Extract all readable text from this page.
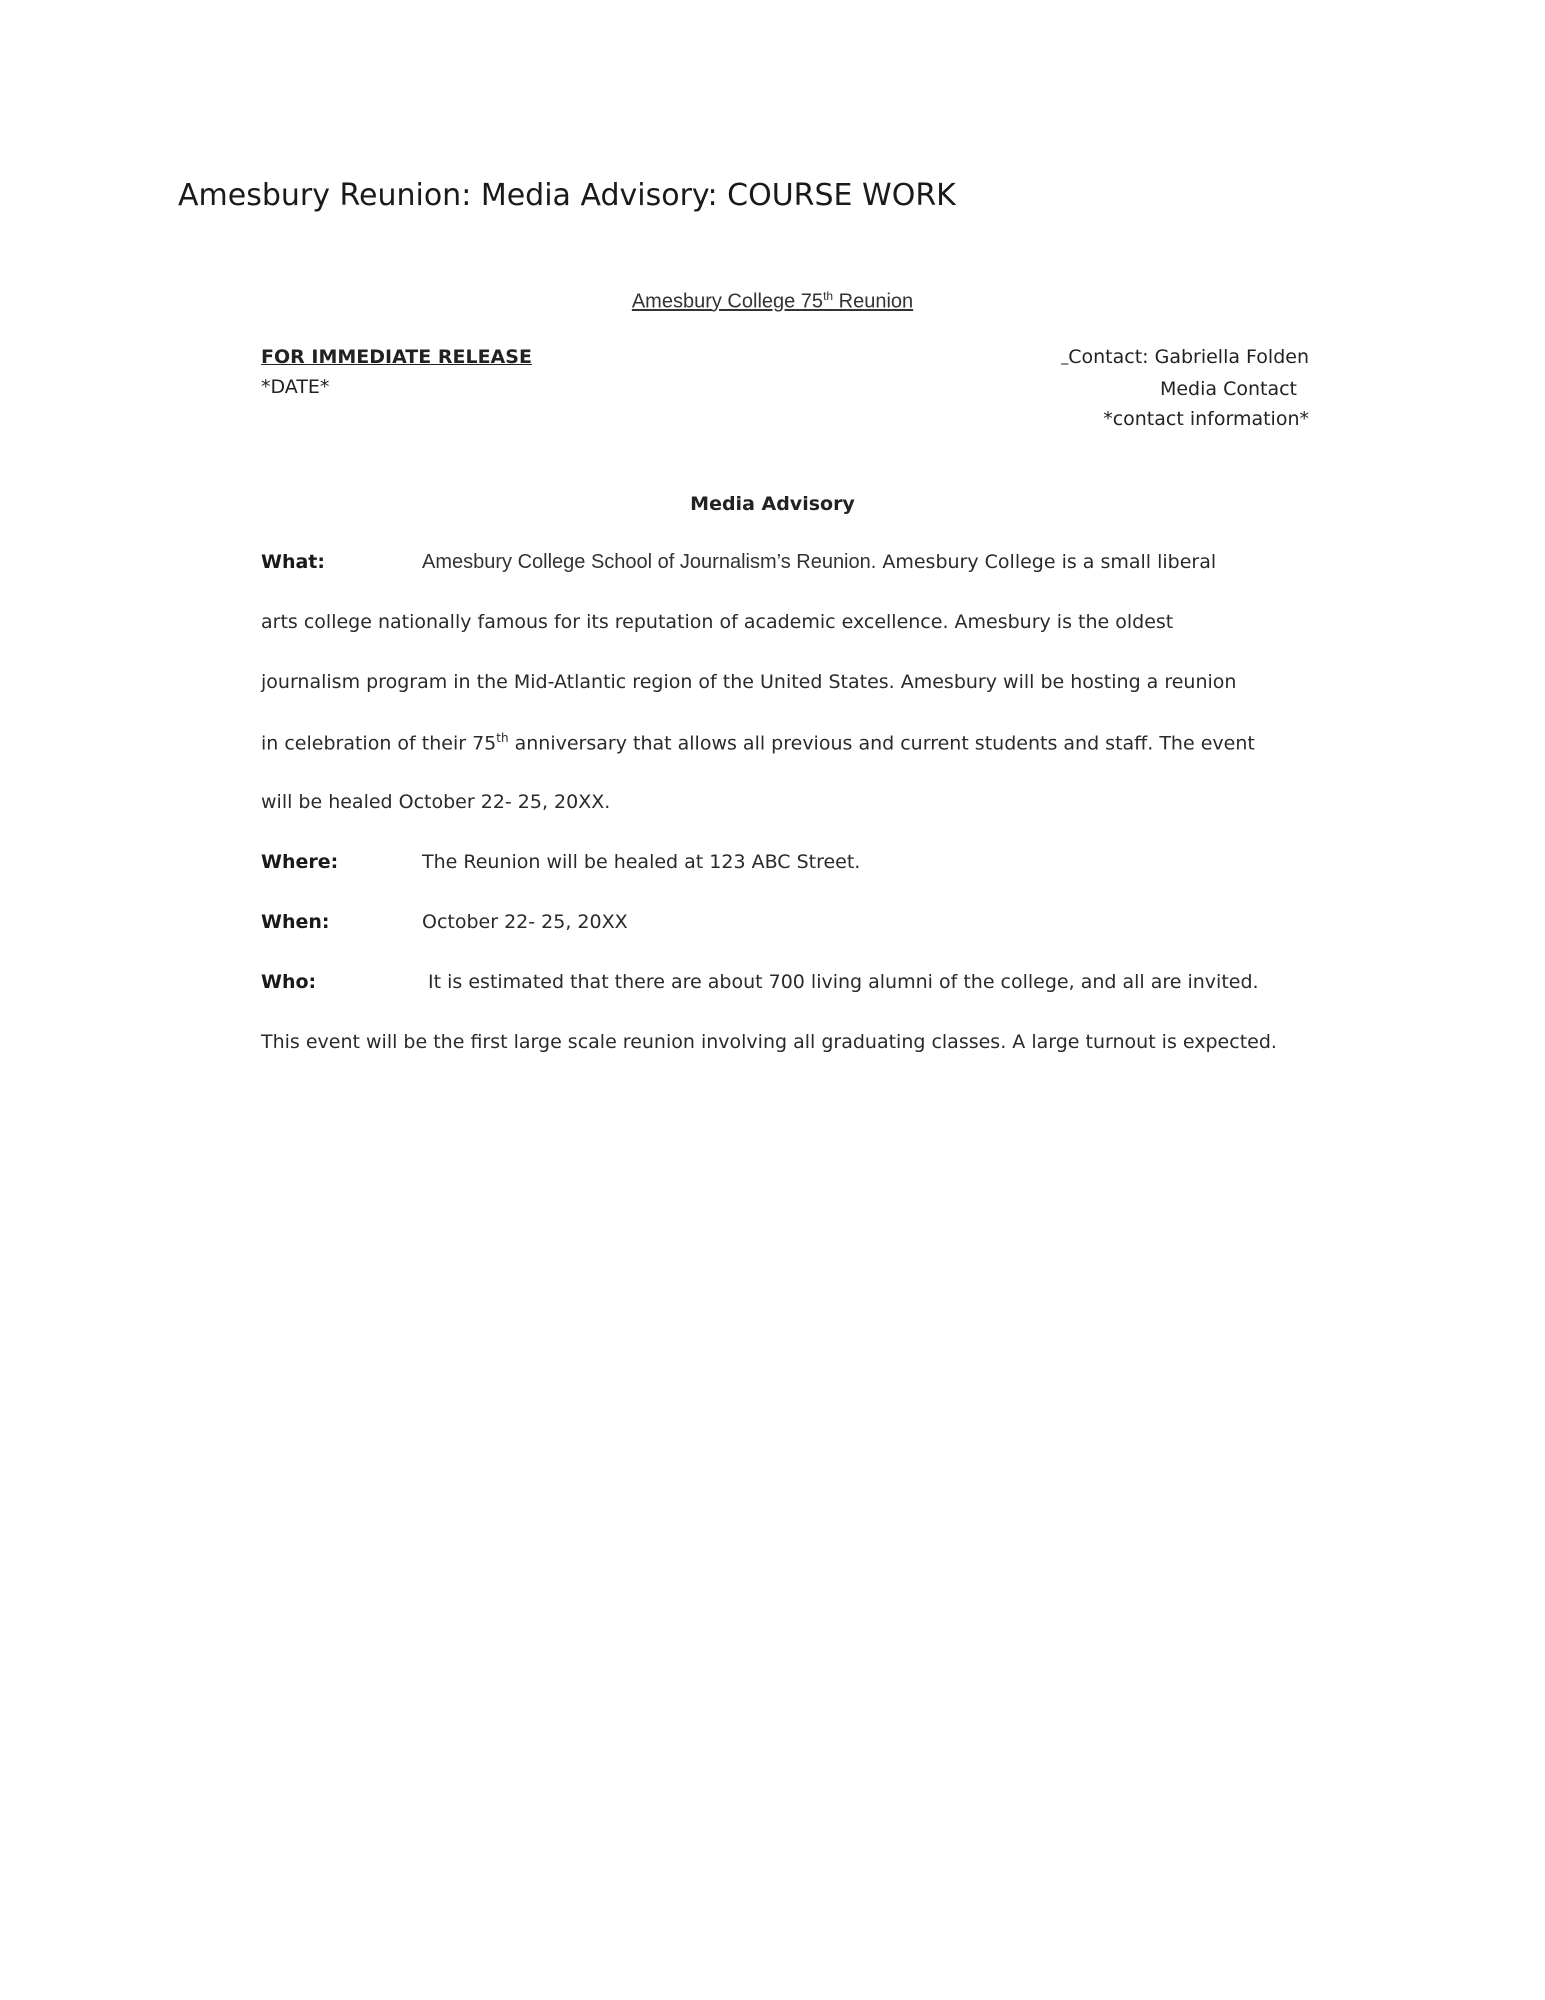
Amesbury Reunion: Media Advisory: COURSE WORK
Amesbury College 75th Reunion
FOR IMMEDIATE RELEASE
*DATE*
_ Contact: Gabriella Folden
Media Contact
*contact information*
Media Advisory
What:	Amesbury College School of Journalism’s Reunion. Amesbury College is a small liberal
arts college nationally famous for its reputation of academic excellence. Amesbury is the oldest
journalism program in the Mid-Atlantic region of the United States. Amesbury will be hosting a reunion
in celebration of their 75th anniversary that allows all previous and current students and staff. The event
will be healed October 22- 25, 20XX.
Where:	The Reunion will be healed at 123 ABC Street.
When:	October 22- 25, 20XX
Who:	It is estimated that there are about 700 living alumni of the college, and all are invited.
This event will be the first large scale reunion involving all graduating classes. A large turnout is expected.
